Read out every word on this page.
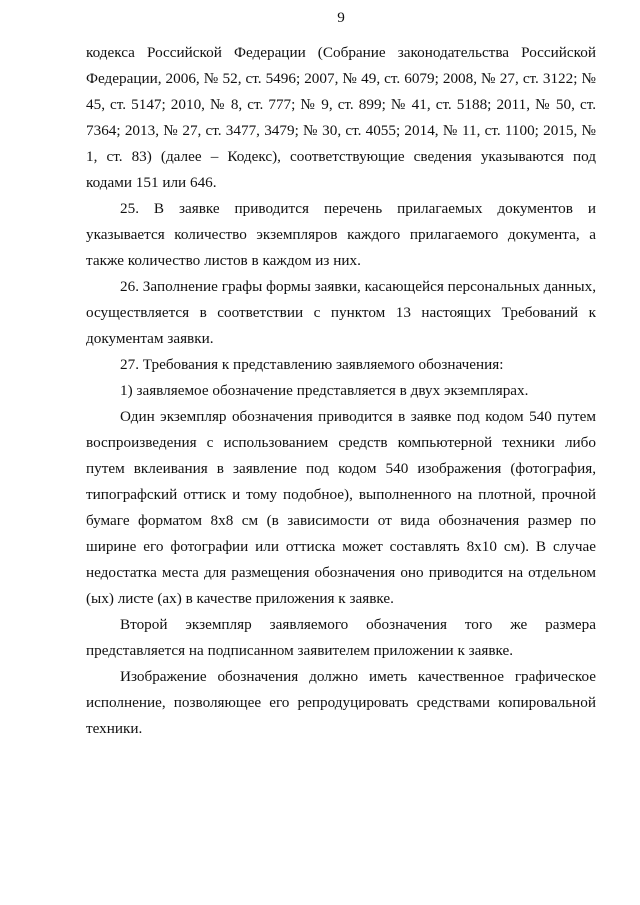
9

кодекса Российской Федерации (Собрание законодательства Российской Федерации, 2006, № 52, ст. 5496; 2007, № 49, ст. 6079; 2008, № 27, ст. 3122; № 45, ст. 5147; 2010, № 8, ст. 777; № 9, ст. 899; № 41, ст. 5188; 2011, № 50, ст. 7364; 2013, № 27, ст. 3477, 3479; № 30, ст. 4055; 2014, № 11, ст. 1100; 2015, № 1, ст. 83) (далее – Кодекс), соответствующие сведения указываются под кодами 151 или 646.

25. В заявке приводится перечень прилагаемых документов и указывается количество экземпляров каждого прилагаемого документа, а также количество листов в каждом из них.

26. Заполнение графы формы заявки, касающейся персональных данных, осуществляется в соответствии с пунктом 13 настоящих Требований к документам заявки.

27. Требования к представлению заявляемого обозначения:

1) заявляемое обозначение представляется в двух экземплярах.

Один экземпляр обозначения приводится в заявке под кодом 540 путем воспроизведения с использованием средств компьютерной техники либо путем вклеивания в заявление под кодом 540 изображения (фотография, типографский оттиск и тому подобное), выполненного на плотной, прочной бумаге форматом 8х8 см (в зависимости от вида обозначения размер по ширине его фотографии или оттиска может составлять 8х10 см). В случае недостатка места для размещения обозначения оно приводится на отдельном (ых) листе (ах) в качестве приложения к заявке.

Второй экземпляр заявляемого обозначения того же размера представляется на подписанном заявителем приложении к заявке.

Изображение обозначения должно иметь качественное графическое исполнение, позволяющее его репродуцировать средствами копировальной техники.
